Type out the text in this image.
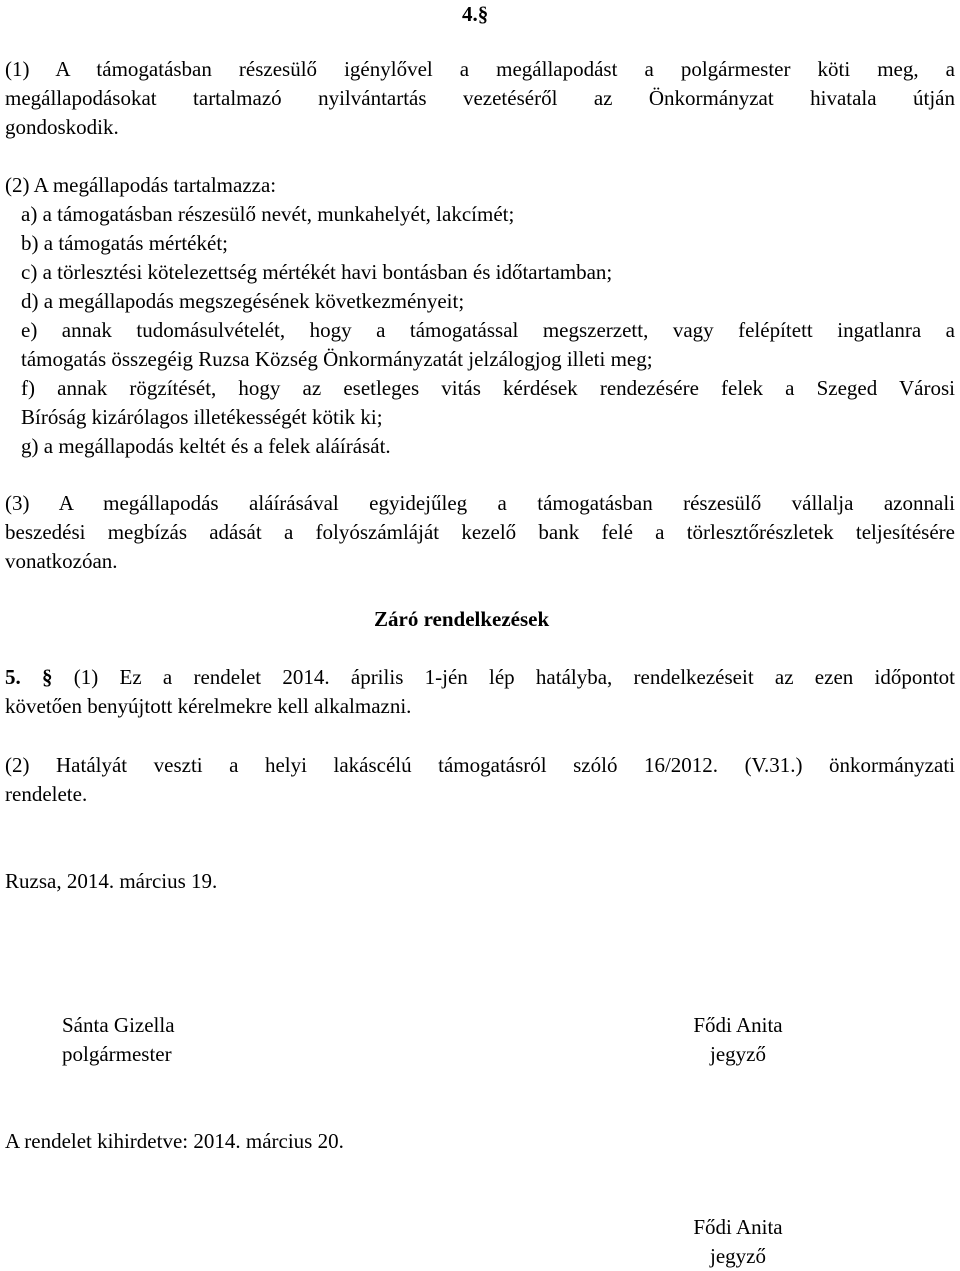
4.§
(1) A támogatásban részesülő igénylővel a megállapodást a polgármester köti meg, a
megállapodásokat tartalmazó nyilvántartás vezetéséről az Önkormányzat hivatala útján
gondoskodik.
(2) A megállapodás tartalmazza:
a) a támogatásban részesülő nevét, munkahelyét, lakcímét;
b) a támogatás mértékét;
c) a törlesztési kötelezettség mértékét havi bontásban és időtartamban;
d) a megállapodás megszegésének következményeit;
e) annak tudomásulvételét, hogy a támogatással megszerzett, vagy felépített ingatlanra a
támogatás összegéig Ruzsa Község Önkormányzatát jelzálogjog illeti meg;
f) annak rögzítését, hogy az esetleges vitás kérdések rendezésére felek a Szeged Városi
Bíróság kizárólagos illetékességét kötik ki;
g) a megállapodás keltét és a felek aláírását.
(3) A megállapodás aláírásával egyidejűleg a támogatásban részesülő vállalja azonnali
beszedési megbízás adását a folyószámláját kezelő bank felé a törlesztőrészletek teljesítésére
vonatkozóan.
Záró rendelkezések
5. § (1) Ez a rendelet 2014. április 1-jén lép hatályba, rendelkezéseit az ezen időpontot
követően benyújtott kérelmekre kell alkalmazni.
(2) Hatályát veszti a helyi lakáscélú támogatásról szóló 16/2012. (V.31.) önkormányzati
rendelete.
Ruzsa, 2014. március 19.
Sánta Gizella
polgármester
Fődi Anita
jegyző
A rendelet kihirdetve: 2014. március 20.
Fődi Anita
jegyző
